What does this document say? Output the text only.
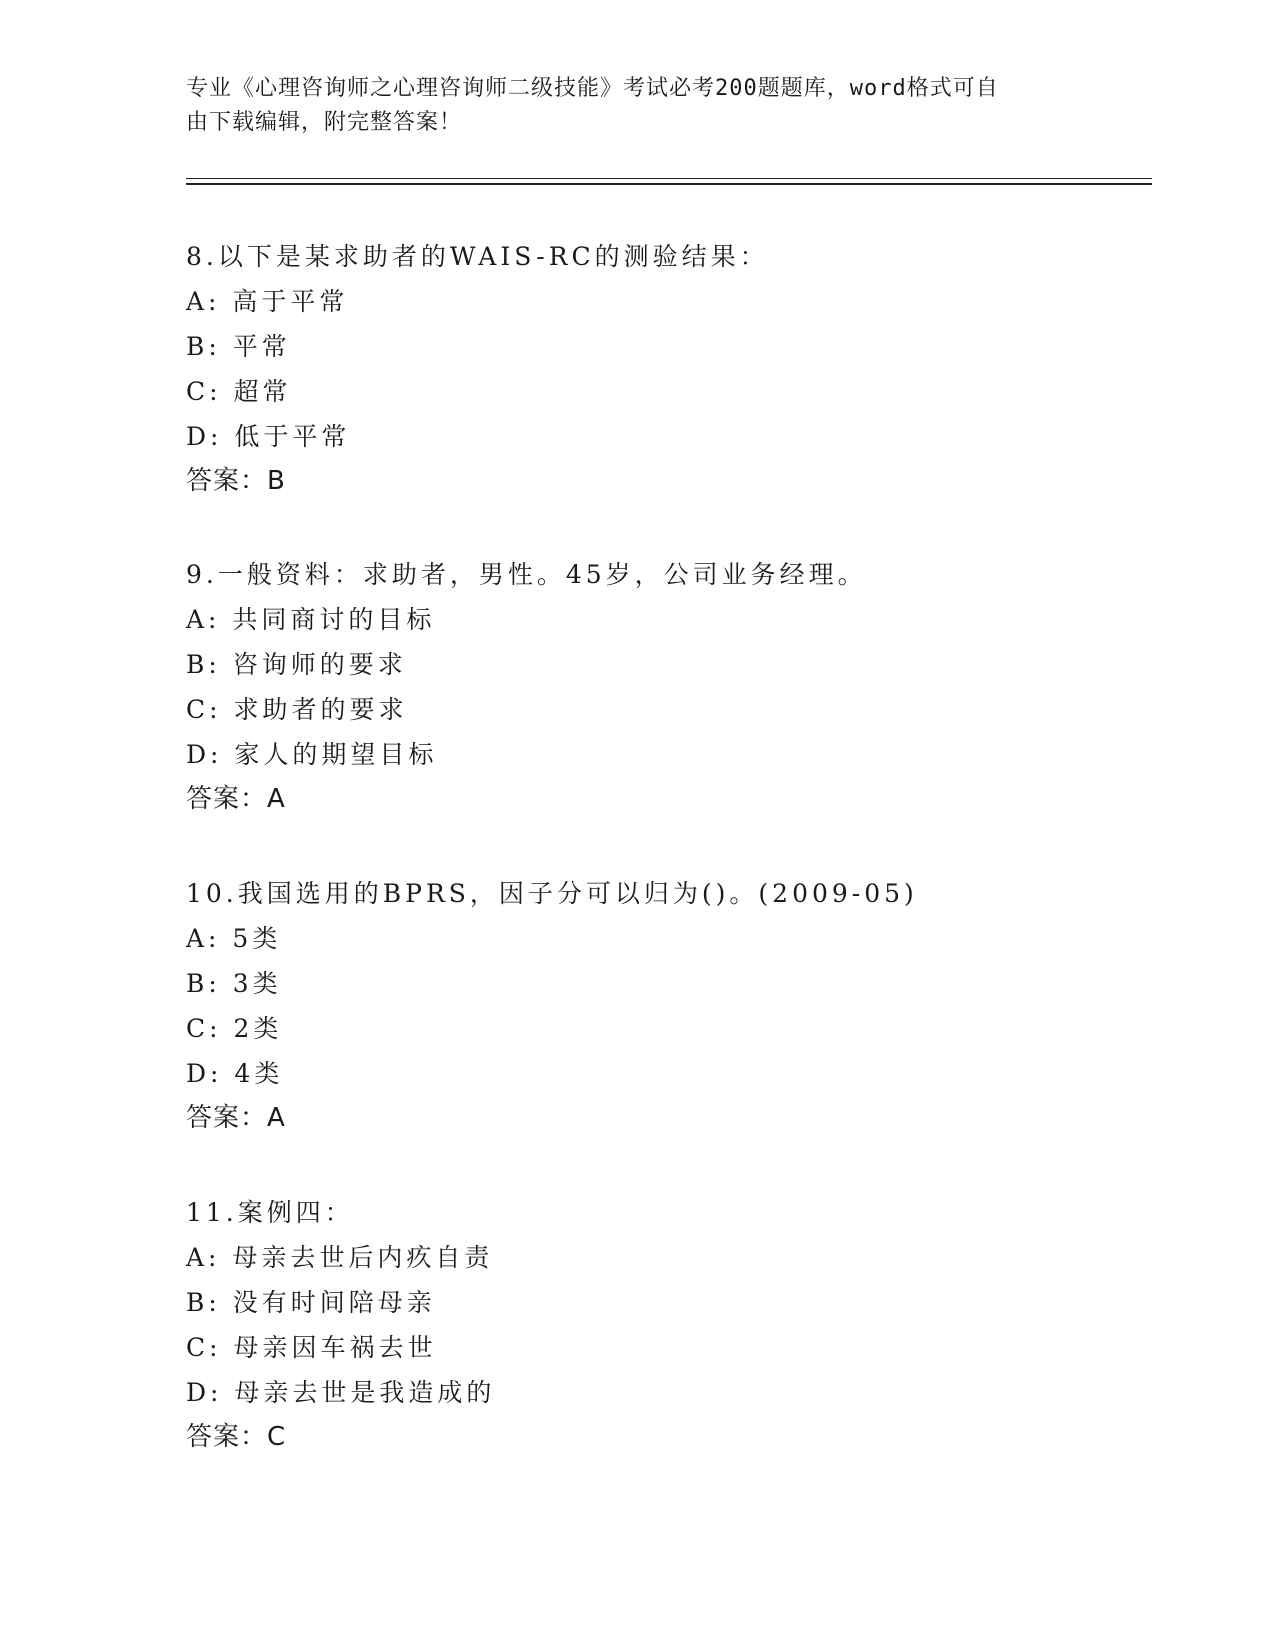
专业《心理咨询师之心理咨询师二级技能》考试必考200题题库，word格式可自
由下载编辑，附完整答案！
8.以下是某求助者的WAIS-RC的测验结果：
A: 高于平常
B: 平常
C: 超常
D: 低于平常
答案：B
9.一般资料：求助者，男性。45岁，公司业务经理。
A: 共同商讨的目标
B: 咨询师的要求
C: 求助者的要求
D: 家人的期望目标
答案：A
10.我国选用的BPRS，因子分可以归为()。(2009-05)
A: 5类
B: 3类
C: 2类
D: 4类
答案：A
11.案例四：
A: 母亲去世后内疚自责
B: 没有时间陪母亲
C: 母亲因车祸去世
D: 母亲去世是我造成的
答案：C
